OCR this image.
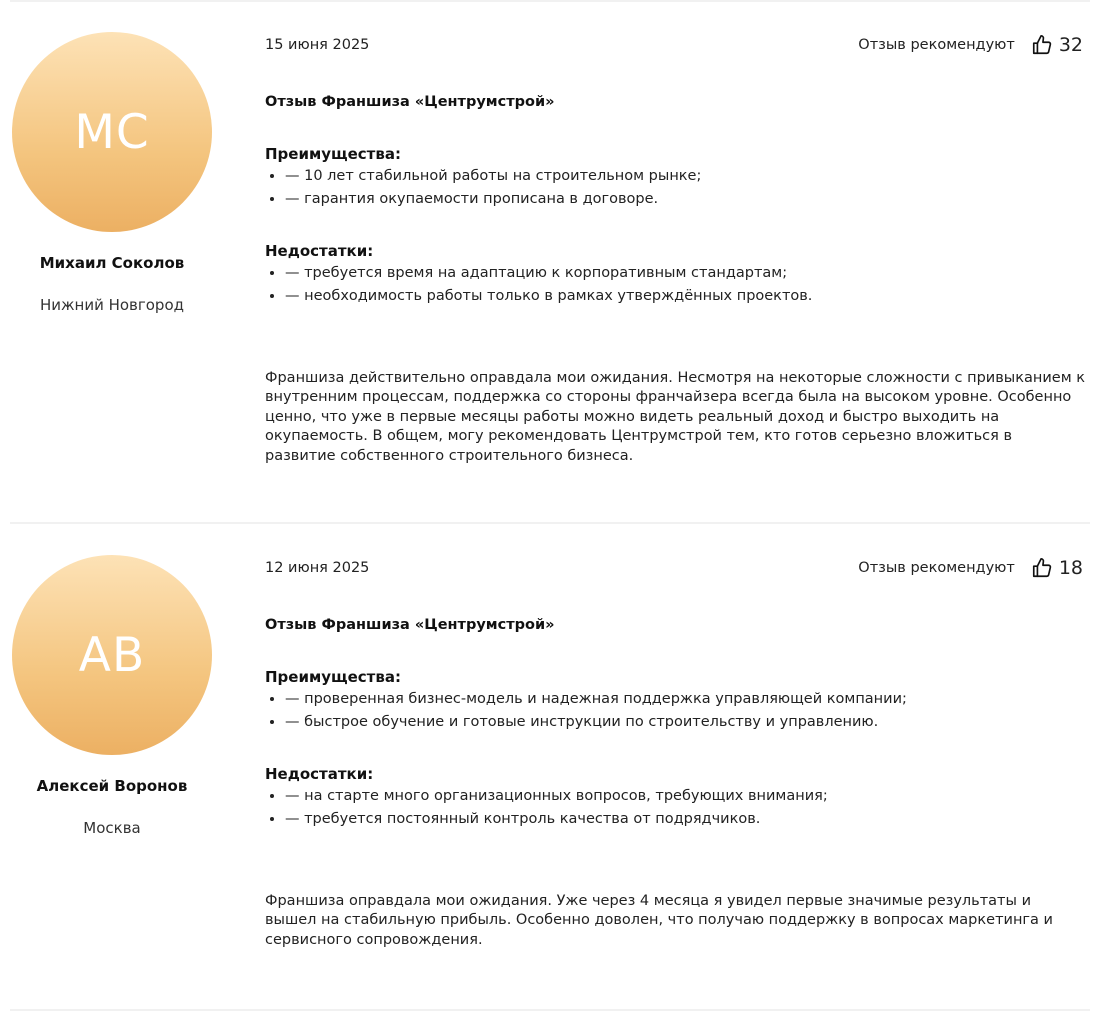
МС
Михаил Соколов
Нижний Новгород
15 июня 2025	Отзыв рекомендуют 32
Отзыв Франшиза «Центрумстрой»
Преимущества:
• — 10 лет стабильной работы на строительном рынке;
• — гарантия окупаемости прописана в договоре.
Недостатки:
• — требуется время на адаптацию к корпоративным стандартам;
• — необходимость работы только в рамках утверждённых проектов.

Франшиза действительно оправдала мои ожидания. Несмотря на некоторые сложности с привыканием к внутренним процессам, поддержка со стороны франчайзера всегда была на высоком уровне. Особенно ценно, что уже в первые месяцы работы можно видеть реальный доход и быстро выходить на окупаемость. В общем, могу рекомендовать Центрумстрой тем, кто готов серьезно вложиться в развитие собственного строительного бизнеса.

АВ
Алексей Воронов
Москва
12 июня 2025	Отзыв рекомендуют 18
Отзыв Франшиза «Центрумстрой»
Преимущества:
• — проверенная бизнес-модель и надежная поддержка управляющей компании;
• — быстрое обучение и готовые инструкции по строительству и управлению.
Недостатки:
• — на старте много организационных вопросов, требующих внимания;
• — требуется постоянный контроль качества от подрядчиков.

Франшиза оправдала мои ожидания. Уже через 4 месяца я увидел первые значимые результаты и вышел на стабильную прибыль. Особенно доволен, что получаю поддержку в вопросах маркетинга и сервисного сопровождения.
